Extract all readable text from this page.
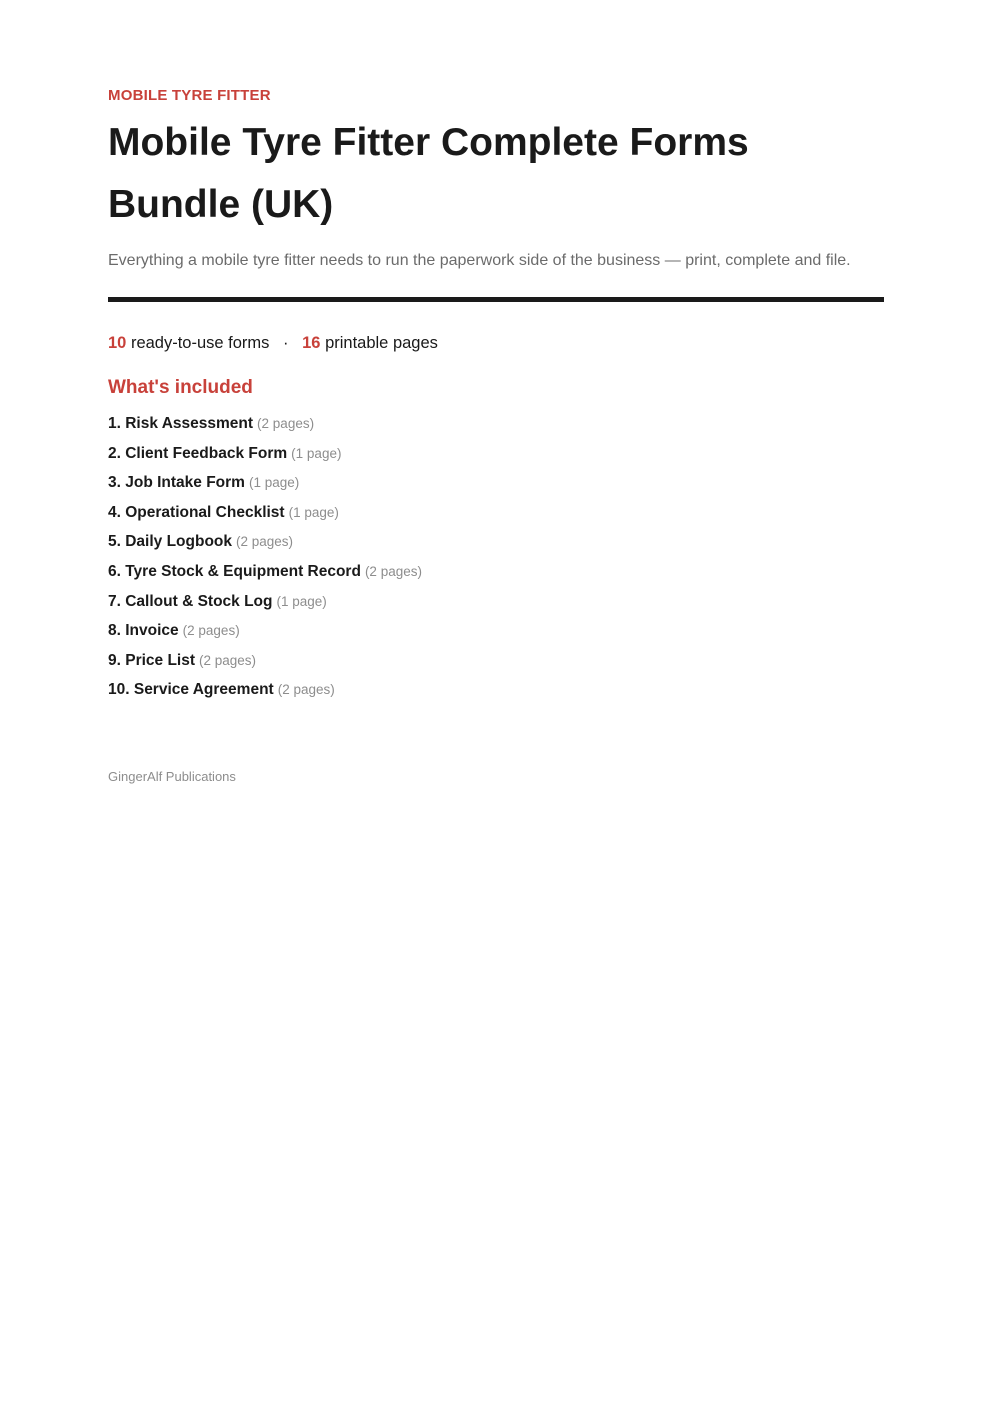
MOBILE TYRE FITTER
Mobile Tyre Fitter Complete Forms Bundle (UK)

Everything a mobile tyre fitter needs to run the paperwork side of the business — print, complete and file.

10 ready-to-use forms · 16 printable pages
What's included
1. Risk Assessment (2 pages)
2. Client Feedback Form (1 page)
3. Job Intake Form (1 page)
4. Operational Checklist (1 page)
5. Daily Logbook (2 pages)
6. Tyre Stock & Equipment Record (2 pages)
7. Callout & Stock Log (1 page)
8. Invoice (2 pages)
9. Price List (2 pages)
10. Service Agreement (2 pages)
GingerAlf Publications
